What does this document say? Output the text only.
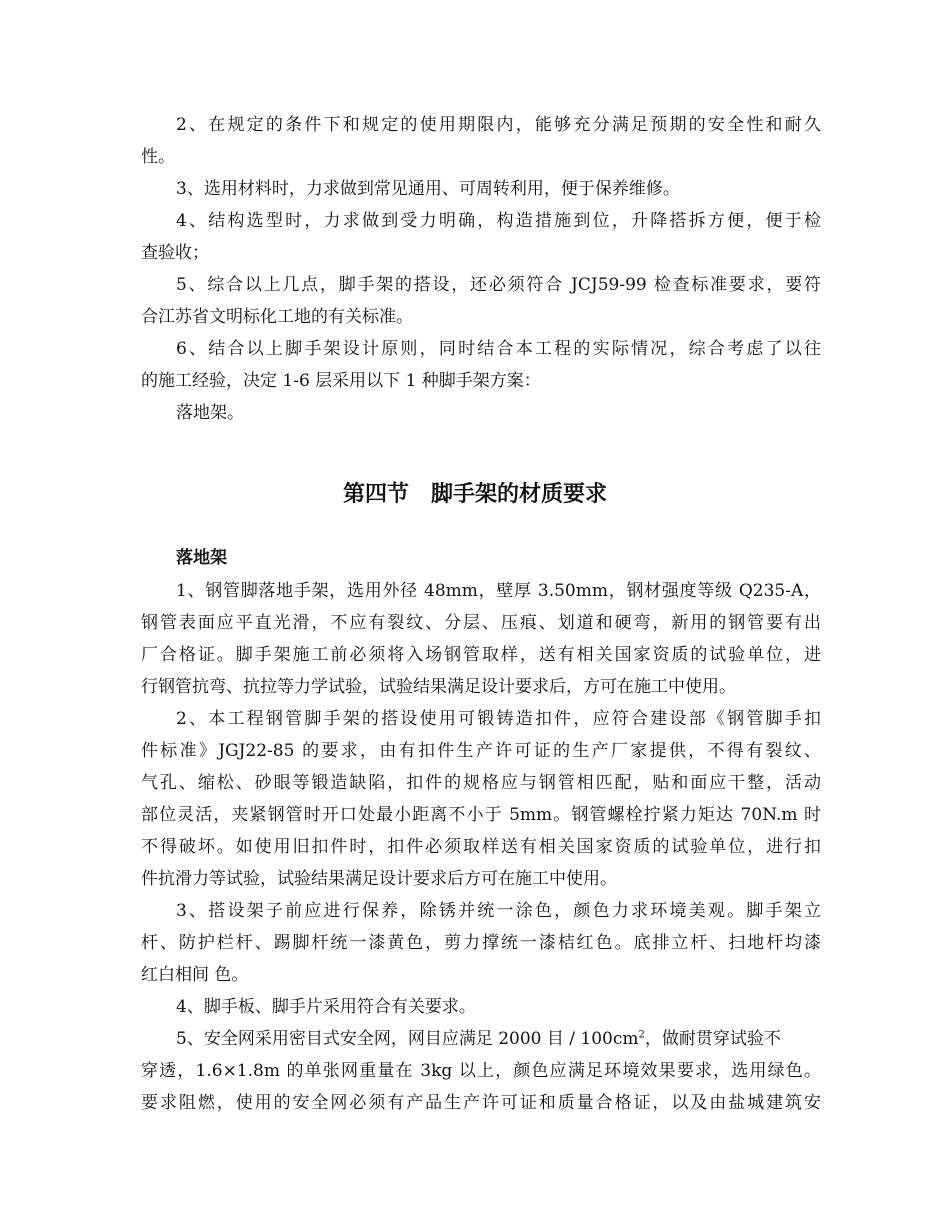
2、在规定的条件下和规定的使用期限内，能够充分满足预期的安全性和耐久
性。
3、选用材料时，力求做到常见通用、可周转利用，便于保养维修。
4、结构选型时，力求做到受力明确，构造措施到位，升降搭拆方便，便于检
查验收；
5、综合以上几点，脚手架的搭设，还必须符合 JCJ59-99 检查标准要求，要符
合江苏省文明标化工地的有关标准。
6、结合以上脚手架设计原则，同时结合本工程的实际情况，综合考虑了以往
的施工经验，决定 1-6 层采用以下 1 种脚手架方案：
落地架。
第四节　脚手架的材质要求
落地架
1、钢管脚落地手架，选用外径 48mm，壁厚 3.50mm，钢材强度等级 Q235-A，
钢管表面应平直光滑，不应有裂纹、分层、压痕、划道和硬弯，新用的钢管要有出
厂合格证。脚手架施工前必须将入场钢管取样，送有相关国家资质的试验单位，进
行钢管抗弯、抗拉等力学试验，试验结果满足设计要求后，方可在施工中使用。
2、本工程钢管脚手架的搭设使用可锻铸造扣件，应符合建设部《钢管脚手扣
件标准》JGJ22-85 的要求，由有扣件生产许可证的生产厂家提供，不得有裂纹、
气孔、缩松、砂眼等锻造缺陷，扣件的规格应与钢管相匹配，贴和面应干整，活动
部位灵活，夹紧钢管时开口处最小距离不小于 5mm。钢管螺栓拧紧力矩达 70N.m 时
不得破坏。如使用旧扣件时，扣件必须取样送有相关国家资质的试验单位，进行扣
件抗滑力等试验，试验结果满足设计要求后方可在施工中使用。
3、搭设架子前应进行保养，除锈并统一涂色，颜色力求环境美观。脚手架立
杆、防护栏杆、踢脚杆统一漆黄色，剪力撑统一漆桔红色。底排立杆、扫地杆均漆
红白相间 色。
4、脚手板、脚手片采用符合有关要求。
5、安全网采用密目式安全网，网目应满足 2000 目 / $100cm^2$，做耐贯穿试验不
穿透，1.6×1.8m 的单张网重量在 3kg 以上，颜色应满足环境效果要求，选用绿色。
要求阻燃，使用的安全网必须有产品生产许可证和质量合格证，以及由盐城建筑安
